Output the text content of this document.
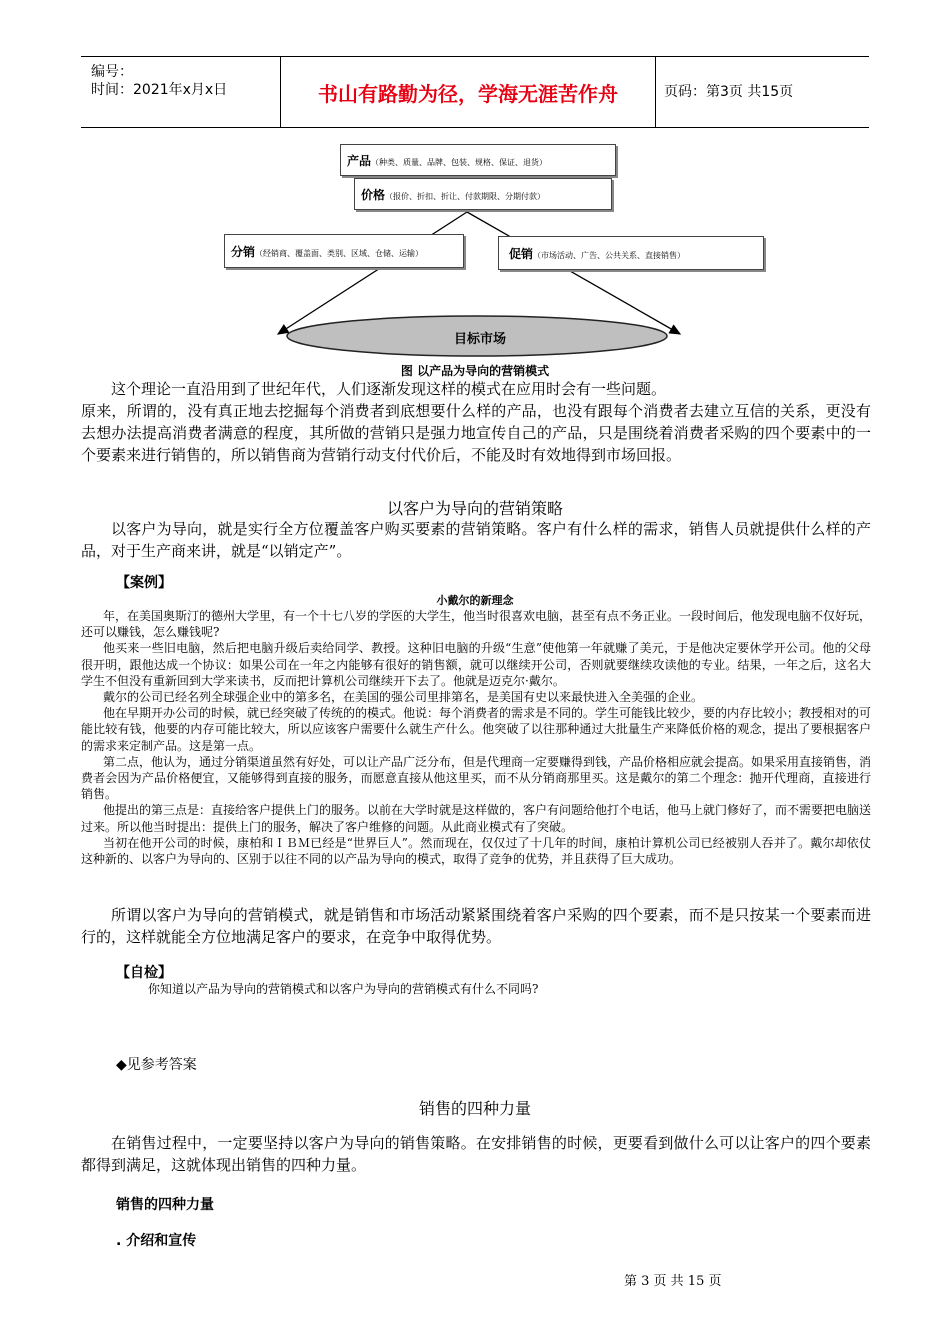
编号：
时间：2021年x月x日	书山有路勤为径，学海无涯苦作舟	页码：第3页 共15页
产品（种类、质量、品牌、包装、规格、保证、退货）
价格（报价、折扣、折让、付款期限、分期付款）
分销（经销商、覆盖面、类别、区域、仓储、运输）	促销（市场活动、广告、公共关系、直接销售）
目标市场
图 以产品为导向的营销模式
这个理论一直沿用到了世纪年代，人们逐渐发现这样的模式在应用时会有一些问题。
原来，所谓的，没有真正地去挖掘每个消费者到底想要什么样的产品，也没有跟每个消费者去建立互信的关系，更没有去想办法提高消费者满意的程度，其所做的营销只是强力地宣传自己的产品，只是围绕着消费者采购的四个要素中的一个要素来进行销售的，所以销售商为营销行动支付代价后，不能及时有效地得到市场回报。
以客户为导向的营销策略
以客户为导向，就是实行全方位覆盖客户购买要素的营销策略。客户有什么样的需求，销售人员就提供什么样的产品，对于生产商来讲，就是“以销定产”。
【案例】
小戴尔的新理念

年，在美国奥斯汀的德州大学里，有一个十七八岁的学医的大学生，他当时很喜欢电脑，甚至有点不务正业。一段时间后，他发现电脑不仅好玩，还可以赚钱，怎么赚钱呢?

他买来一些旧电脑，然后把电脑升级后卖给同学、教授。这种旧电脑的升级“生意”使他第一年就赚了美元，于是他决定要休学开公司。他的父母很开明，跟他达成一个协议：如果公司在一年之内能够有很好的销售额，就可以继续开公司，否则就要继续攻读他的专业。结果，一年之后，这名大学生不但没有重新回到大学来读书，反而把计算机公司继续开下去了。他就是迈克尔·戴尔。

戴尔的公司已经名列全球强企业中的第多名，在美国的强公司里排第名，是美国有史以来最快进入全美强的企业。

他在早期开办公司的时候，就已经突破了传统的的模式。他说：每个消费者的需求是不同的。学生可能钱比较少，要的内存比较小；教授相对的可能比较有钱，他要的内存可能比较大，所以应该客户需要什么就生产什么。他突破了以往那种通过大批量生产来降低价格的观念，提出了要根据客户的需求来定制产品。这是第一点。

第二点，他认为，通过分销渠道虽然有好处，可以让产品广泛分布，但是代理商一定要赚得到钱，产品价格相应就会提高。如果采用直接销售，消费者会因为产品价格便宜，又能够得到直接的服务，而愿意直接从他这里买，而不从分销商那里买。这是戴尔的第二个理念：抛开代理商，直接进行销售。

他提出的第三点是：直接给客户提供上门的服务。以前在大学时就是这样做的，客户有问题给他打个电话，他马上就门修好了，而不需要把电脑送过来。所以他当时提出：提供上门的服务，解决了客户维修的问题。从此商业模式有了突破。

当初在他开公司的时候，康柏和ＩＢＭ已经是“世界巨人”。然而现在，仅仅过了十几年的时间，康柏计算机公司已经被别人吞并了。戴尔却依仗这种新的、以客户为导向的、区别于以往不同的以产品为导向的模式，取得了竞争的优势，并且获得了巨大成功。

所谓以客户为导向的营销模式，就是销售和市场活动紧紧围绕着客户采购的四个要素，而不是只按某一个要素而进行的，这样就能全方位地满足客户的要求，在竞争中取得优势。
【自检】
你知道以产品为导向的营销模式和以客户为导向的营销模式有什么不同吗?
◆见参考答案
销售的四种力量
在销售过程中，一定要坚持以客户为导向的销售策略。在安排销售的时候，更要看到做什么可以让客户的四个要素都得到满足，这就体现出销售的四种力量。
销售的四种力量
. 介绍和宣传
第 3 页 共 15 页
